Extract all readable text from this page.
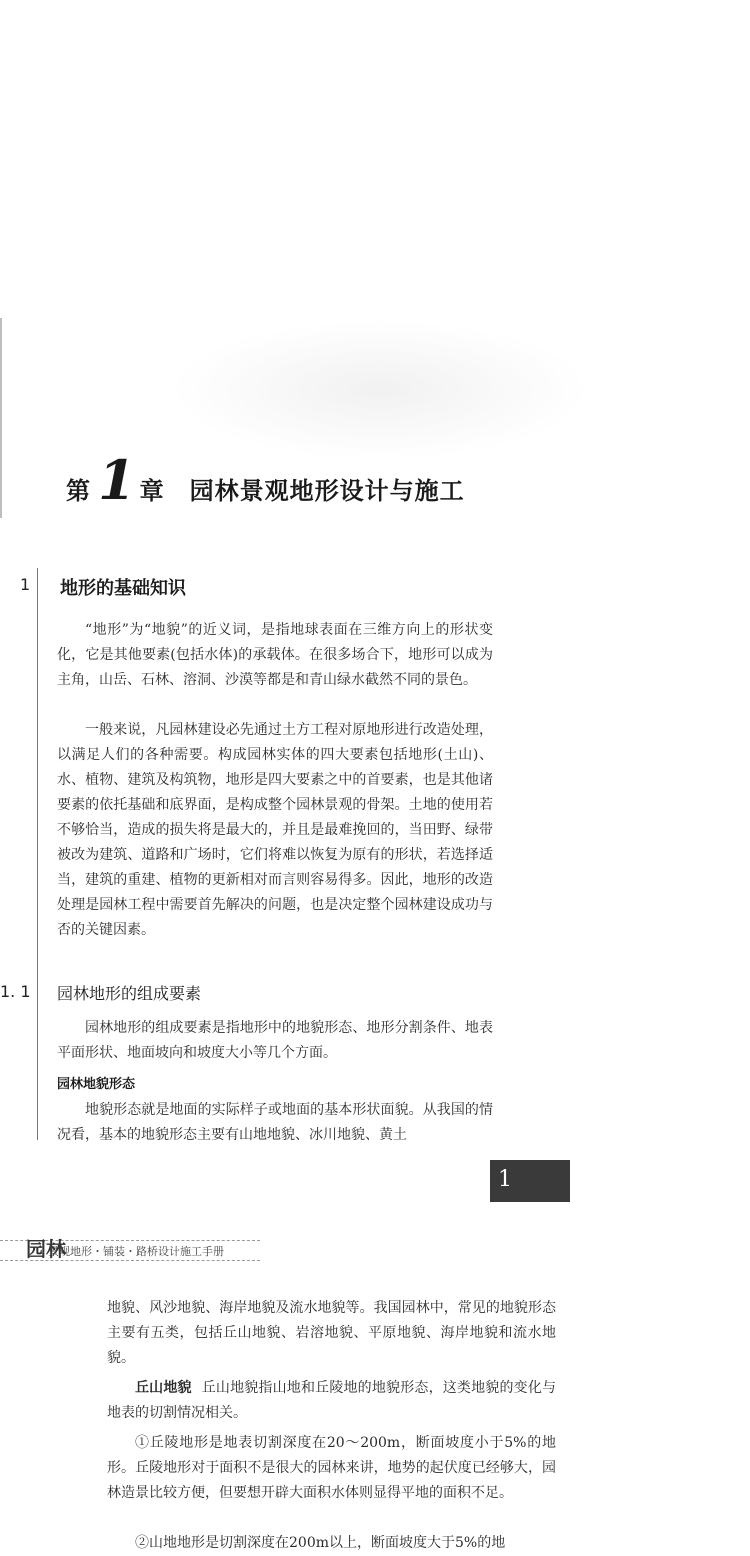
第 1 章 园林景观地形设计与施工
1 地形的基础知识

“地形”为“地貌”的近义词，是指地球表面在三维方向上的形状变化，它是其他要素(包括水体)的承载体。在很多场合下，地形可以成为主角，山岳、石林、溶洞、沙漠等都是和青山绿水截然不同的景色。

一般来说，凡园林建设必先通过土方工程对原地形进行改造处理，以满足人们的各种需要。构成园林实体的四大要素包括地形(土山)、水、植物、建筑及构筑物，地形是四大要素之中的首要素，也是其他诸要素的依托基础和底界面，是构成整个园林景观的骨架。土地的使用若不够恰当，造成的损失将是最大的，并且是最难挽回的，当田野、绿带被改为建筑、道路和广场时，它们将难以恢复为原有的形状，若选择适当，建筑的重建、植物的更新相对而言则容易得多。因此，地形的改造处理是园林工程中需要首先解决的问题，也是决定整个园林建设成功与否的关键因素。

1. 1 园林地形的组成要素

园林地形的组成要素是指地形中的地貌形态、地形分割条件、地表平面形状、地面坡向和坡度大小等几个方面。

园林地貌形态

地貌形态就是地面的实际样子或地面的基本形状面貌。从我国的情况看，基本的地貌形态主要有山地地貌、冰川地貌、黄土

1
园林
景观地形・铺装・路桥设计施工手册

地貌、风沙地貌、海岸地貌及流水地貌等。我国园林中，常见的地貌形态主要有五类，包括丘山地貌、岩溶地貌、平原地貌、海岸地貌和流水地貌。

丘山地貌 丘山地貌指山地和丘陵地的地貌形态，这类地貌的变化与地表的切割情况相关。

①丘陵地形是地表切割深度在20～200m，断面坡度小于5%的地形。丘陵地形对于面积不是很大的园林来讲，地势的起伏度已经够大，园林造景比较方便，但要想开辟大面积水体则显得平地的面积不足。

②山地地形是切割深度在200m以上，断面坡度大于5%的地
